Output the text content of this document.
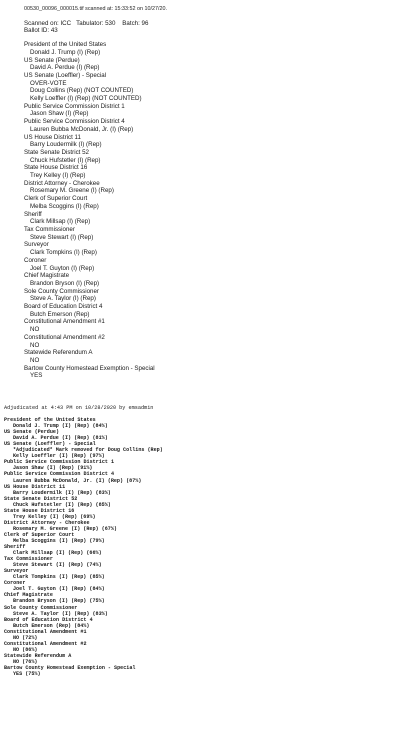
00530_00096_000015.tif scanned at: 15:33:52 on 10/27/20.
Scanned on: ICC Tabulator: 530 Batch: 96
Ballot ID: 43
President of the United States
Donald J. Trump (I) (Rep)
US Senate (Perdue)
David A. Perdue (I) (Rep)
US Senate (Loeffler) - Special
OVER-VOTE
Doug Collins (Rep) (NOT COUNTED)
Kelly Loeffler (I) (Rep) (NOT COUNTED)
Public Service Commission District 1
Jason Shaw (I) (Rep)
Public Service Commission District 4
Lauren Bubba McDonald, Jr. (I) (Rep)
US House District 11
Barry Loudermilk (I) (Rep)
State Senate District 52
Chuck Hufstetler (I) (Rep)
State House District 16
Trey Kelley (I) (Rep)
District Attorney - Cherokee
Rosemary M. Greene (I) (Rep)
Clerk of Superior Court
Melba Scoggins (I) (Rep)
Sheriff
Clark Millsap (I) (Rep)
Tax Commissioner
Steve Stewart (I) (Rep)
Surveyor
Clark Tompkins (I) (Rep)
Coroner
Joel T. Guyton (I) (Rep)
Chief Magistrate
Brandon Bryson (I) (Rep)
Sole County Commissioner
Steve A. Taylor (I) (Rep)
Board of Education District 4
Butch Emerson (Rep)
Constitutional Amendment #1
NO
Constitutional Amendment #2
NO
Statewide Referendum A
NO
Bartow County Homestead Exemption - Special
YES
Adjudicated at 4:43 PM on 10/28/2020 by emsadmin
President of the United States
Donald J. Trump (I) (Rep) (84%)
US Senate (Perdue)
David A. Perdue (I) (Rep) (81%)
US Senate (Loeffler) - Special
*Adjudicated* Mark removed for Doug Collins (Rep)
Kelly Loeffler (I) (Rep) (97%)
Public Service Commission District 1
Jason Shaw (I) (Rep) (91%)
Public Service Commission District 4
Lauren Bubba McDonald, Jr. (I) (Rep) (87%)
US House District 11
Barry Loudermilk (I) (Rep) (83%)
State Senate District 52
Chuck Hufstetler (I) (Rep) (85%)
State House District 16
Trey Kelley (I) (Rep) (69%)
District Attorney - Cherokee
Rosemary M. Greene (I) (Rep) (67%)
Clerk of Superior Court
Melba Scoggins (I) (Rep) (79%)
Sheriff
Clark Millsap (I) (Rep) (66%)
Tax Commissioner
Steve Stewart (I) (Rep) (74%)
Surveyor
Clark Tompkins (I) (Rep) (85%)
Coroner
Joel T. Guyton (I) (Rep) (84%)
Chief Magistrate
Brandon Bryson (I) (Rep) (75%)
Sole County Commissioner
Steve A. Taylor (I) (Rep) (83%)
Board of Education District 4
Butch Emerson (Rep) (84%)
Constitutional Amendment #1
NO (72%)
Constitutional Amendment #2
NO (86%)
Statewide Referendum A
NO (76%)
Bartow County Homestead Exemption - Special
YES (75%)
